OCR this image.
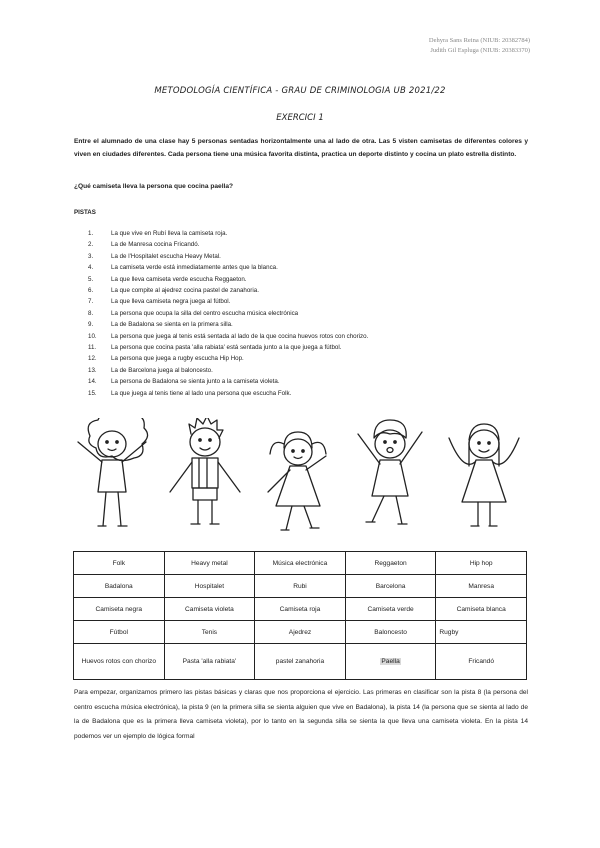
Dehyra Sans Reina (NIUB: 20382784)
Judith Gil Espluga (NIUB: 20383370)
METODOLOGÍA CIENTÍFICA - GRAU DE CRIMINOLOGIA UB 2021/22
EXERCICI 1
Entre el alumnado de una clase hay 5 personas sentadas horizontalmente una al lado de otra. Las 5 visten camisetas de diferentes colores y viven en ciudades diferentes. Cada persona tiene una música favorita distinta, practica un deporte distinto y cocina un plato estrella distinto.
¿Qué camiseta lleva la persona que cocina paella?
PISTAS
1.	La que vive en Rubí lleva la camiseta roja.
2.	La de Manresa cocina Fricandó.
3.	La de l'Hospitalet escucha Heavy Metal.
4.	La camiseta verde está inmediatamente antes que la blanca.
5.	La que lleva camiseta verde escucha Reggaeton.
6.	La que compite al ajedrez cocina pastel de zanahoria.
7.	La que lleva camiseta negra juega al fútbol.
8.	La persona que ocupa la silla del centro escucha música electrónica
9.	La de Badalona se sienta en la primera silla.
10.	La persona que juega al tenis está sentada al lado de la que cocina huevos rotos con chorizo.
11.	La persona que cocina pasta 'alla rabiata' está sentada junto a la que juega a fútbol.
12.	La persona que juega a rugby escucha Hip Hop.
13.	La de Barcelona juega al baloncesto.
14.	La persona de Badalona se sienta junto a la camiseta violeta.
15.	La que juega al tenis tiene al lado una persona que escucha Folk.
Folk	Heavy metal	Música electrónica	Reggaeton	Hip hop
Badalona	Hospitalet	Rubi	Barcelona	Manresa
Camiseta negra	Camiseta violeta	Camiseta roja	Camiseta verde	Camiseta blanca
Fútbol	Tenis	Ajedrez	Baloncesto	Rugby
Huevos rotos con chorizo	Pasta 'alla rabiata'	pastel zanahoria	Paella	Fricandó
Para empezar, organizamos primero las pistas básicas y claras que nos proporciona el ejercicio. Las primeras en clasificar son la pista 8 (la persona del centro escucha música electrónica), la pista 9 (en la primera silla se sienta alguien que vive en Badalona), la pista 14 (la persona que se sienta al lado de la de Badalona que es la primera lleva camiseta violeta), por lo tanto en la segunda silla se sienta la que lleva una camiseta violeta. En la pista 14 podemos ver un ejemplo de lógica formal
